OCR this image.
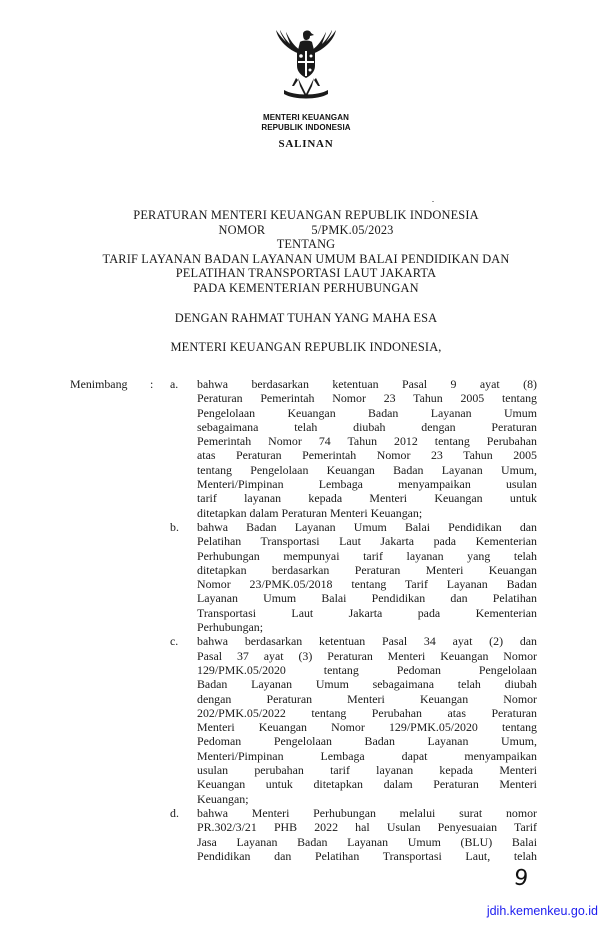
MENTERI KEUANGAN
REPUBLIK INDONESIA
SALINAN
PERATURAN MENTERI KEUANGAN REPUBLIK INDONESIA
NOMOR	5/PMK.05/2023
TENTANG
TARIF LAYANAN BADAN LAYANAN UMUM BALAI PENDIDIKAN DAN
PELATIHAN TRANSPORTASI LAUT JAKARTA
PADA KEMENTERIAN PERHUBUNGAN
DENGAN RAHMAT TUHAN YANG MAHA ESA
MENTERI KEUANGAN REPUBLIK INDONESIA,
Menimbang : a. bahwa berdasarkan ketentuan Pasal 9 ayat (8)
Peraturan Pemerintah Nomor 23 Tahun 2005 tentang
Pengelolaan Keuangan Badan Layanan Umum
sebagaimana telah diubah dengan Peraturan
Pemerintah Nomor 74 Tahun 2012 tentang Perubahan
atas Peraturan Pemerintah Nomor 23 Tahun 2005
tentang Pengelolaan Keuangan Badan Layanan Umum,
Menteri/Pimpinan Lembaga menyampaikan usulan
tarif layanan kepada Menteri Keuangan untuk
ditetapkan dalam Peraturan Menteri Keuangan;
b. bahwa Badan Layanan Umum Balai Pendidikan dan
Pelatihan Transportasi Laut Jakarta pada Kementerian
Perhubungan mempunyai tarif layanan yang telah
ditetapkan berdasarkan Peraturan Menteri Keuangan
Nomor 23/PMK.05/2018 tentang Tarif Layanan Badan
Layanan Umum Balai Pendidikan dan Pelatihan
Transportasi Laut Jakarta pada Kementerian
Perhubungan;
c. bahwa berdasarkan ketentuan Pasal 34 ayat (2) dan
Pasal 37 ayat (3) Peraturan Menteri Keuangan Nomor
129/PMK.05/2020 tentang Pedoman Pengelolaan
Badan Layanan Umum sebagaimana telah diubah
dengan Peraturan Menteri Keuangan Nomor
202/PMK.05/2022 tentang Perubahan atas Peraturan
Menteri Keuangan Nomor 129/PMK.05/2020 tentang
Pedoman Pengelolaan Badan Layanan Umum,
Menteri/Pimpinan Lembaga dapat menyampaikan
usulan perubahan tarif layanan kepada Menteri
Keuangan untuk ditetapkan dalam Peraturan Menteri
Keuangan;
d. bahwa Menteri Perhubungan melalui surat nomor
PR.302/3/21 PHB 2022 hal Usulan Penyesuaian Tarif
Jasa Layanan Badan Layanan Umum (BLU) Balai
Pendidikan dan Pelatihan Transportasi Laut, telah
9
jdih.kemenkeu.go.id
